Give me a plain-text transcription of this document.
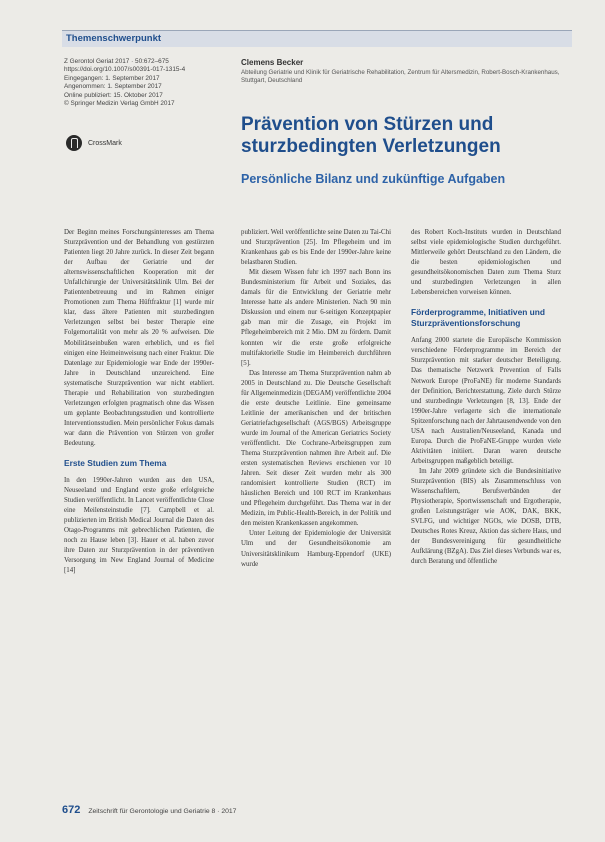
Themenschwerpunkt
Z Gerontol Geriat 2017 · 50:672–675
https://doi.org/10.1007/s00391-017-1315-4
Eingegangen: 1. September 2017
Angenommen: 1. September 2017
Online publiziert: 15. Oktober 2017
© Springer Medizin Verlag GmbH 2017
CrossMark
Clemens Becker
Abteilung Geriatrie und Klinik für Geriatrische Rehabilitation, Zentrum für Altersmedizin, Robert-Bosch-Krankenhaus, Stuttgart, Deutschland
Prävention von Stürzen und sturzbedingten Verletzungen
Persönliche Bilanz und zukünftige Aufgaben

Der Beginn meines Forschungsinteresses am Thema Sturzprävention und der Behandlung von gestürzten Patienten liegt 20 Jahre zurück. In dieser Zeit begann der Aufbau der Geriatrie und der alternswissenschaftlichen Kooperation mit der Unfallchirurgie der Universitätsklinik Ulm. Bei der Patientenbetreuung und im Rahmen einiger Promotionen zum Thema Hüftfraktur [1] wurde mir klar, dass ältere Patienten mit sturzbedingten Verletzungen selbst bei bester Therapie eine Folgemortalität von mehr als 20 % aufweisen. Die Mobilitätseinbußen waren erheblich, und es fiel einigen eine Heimeinweisung nach einer Fraktur. Die Datenlage zur Epidemiologie war Ende der 1990er-Jahre in Deutschland unzureichend. Eine systematische Sturzprävention war nicht etabliert. Therapie und Rehabilitation von sturzbedingten Verletzungen erfolgten pragmatisch ohne das Wissen um geplante Beobachtungsstudien und kontrollierte Interventionsstudien. Mein persönlicher Fokus damals war dann die Prävention von Stürzen von großer Bedeutung.

Erste Studien zum Thema

In den 1990er-Jahren wurden aus den USA, Neuseeland und England erste große erfolgreiche Studien veröffentlicht. In Lancet veröffentlichte Close eine Meilensteinstudie [7]. Campbell et al. publizierten im British Medical Journal die Daten des Otago-Programms mit gebrechlichen Patienten, die noch zu Hause leben [3]. Hauer et al. haben zuvor ihre Daten zur Sturzprävention in der präventiven Versorgung im New England Journal of Medicine [14]

publiziert. Weil veröffentlichte seine Daten zu Tai-Chi und Sturzprävention [25]. Im Pflegeheim und im Krankenhaus gab es bis Ende der 1990er-Jahre keine belastbaren Studien.

Mit diesem Wissen fuhr ich 1997 nach Bonn ins Bundesministerium für Arbeit und Soziales, das damals für die Entwicklung der Geriatrie mehr Interesse hatte als andere Ministerien. Nach 90 min Diskussion und einem nur 6-seitigen Konzeptpapier gab man mir die Zusage, ein Projekt im Pflegeheimbereich mit 2 Mio. DM zu fördern. Damit konnten wir die erste große erfolgreiche multifaktorielle Studie im Heimbereich durchführen [5].

Das Interesse am Thema Sturzprävention nahm ab 2005 in Deutschland zu. Die Deutsche Gesellschaft für Allgemeinmedizin (DEGAM) veröffentlichte 2004 die erste deutsche Leitlinie. Eine gemeinsame Leitlinie der amerikanischen und der britischen Geriatriefachgesellschaft (AGS/BGS) Arbeitsgruppe wurde im Journal of the American Geriatrics Society veröffentlicht. Die Cochrane-Arbeitsgruppen zum Thema Sturzprävention nahmen ihre Arbeit auf. Die ersten systematischen Reviews erschienen vor 10 Jahren. Seit dieser Zeit wurden mehr als 300 randomisiert kontrollierte Studien (RCT) im häuslichen Bereich und 100 RCT im Krankenhaus und Pflegeheim durchgeführt. Das Thema war in der Medizin, im Public-Health-Bereich, in der Politik und den meisten Krankenkassen angekommen.

Unter Leitung der Epidemiologie der Universität Ulm und der Gesundheitsökonomie am Universitätsklinikum Hamburg-Eppendorf (UKE) wurde

des Robert Koch-Instituts wurden in Deutschland selbst viele epidemiologische Studien durchgeführt. Mittlerweile gehört Deutschland zu den Ländern, die die besten epidemiologischen und gesundheitsökonomischen Daten zum Thema Sturz und sturzbedingten Verletzungen in allen Lebensbereichen vorweisen können.

Förderprogramme, Initiativen und Sturzpräventionsforschung

Anfang 2000 startete die Europäische Kommission verschiedene Förderprogramme im Bereich der Sturzprävention mit starker deutscher Beteiligung. Das thematische Netzwerk Prevention of Falls Network Europe (ProFaNE) für moderne Standards der Definition, Berichterstattung, Ziele durch Stürze und sturzbedingte Verletzungen [8, 13]. Ende der 1990er-Jahre verlagerte sich die internationale Spitzenforschung nach der Jahrtausendwende von den USA nach Australien/Neuseeland, Kanada und Europa. Durch die ProFaNE-Gruppe wurden viele Aktivitäten initiiert. Daran waren deutsche Arbeitsgruppen maßgeblich beteiligt.

Im Jahr 2009 gründete sich die Bundesinitiative Sturzprävention (BIS) als Zusammenschluss von Wissenschaftlern, Berufsverbänden der Physiotherapie, Sportwissenschaft und Ergotherapie, großen Leistungsträger wie AOK, DAK, BKK, SVLFG, und wichtiger NGOs, wie DOSB, DTB, Deutsches Rotes Kreuz, Aktion das sichere Haus, und der Bundesvereinigung für gesundheitliche Aufklärung (BZgA). Das Ziel dieses Verbunds war es, durch Beratung und öffentliche

672 Zeitschrift für Gerontologie und Geriatrie 8 · 2017
